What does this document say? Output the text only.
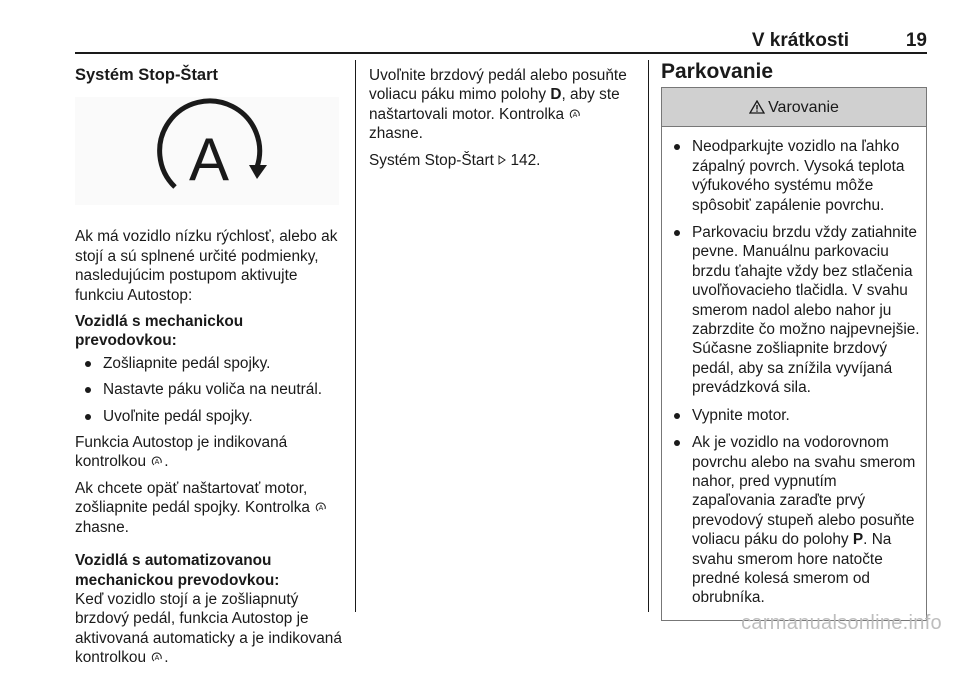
V krátkosti	19
Systém Stop-Štart
A

Ak má vozidlo nízku rýchlosť, alebo ak stojí a sú splnené určité podmienky, nasledujúcim postupom aktivujte funkciu Autostop:

Vozidlá s mechanickou prevodovkou:

Zošliapnite pedál spojky.
Nastavte páku voliča na neutrál.
Uvoľnite pedál spojky.

Funkcia Autostop je indikovaná kontrolkou A .

Ak chcete opäť naštartovať motor, zošliapnite pedál spojky. Kontrolka A
zhasne.

Vozidlá s automatizovanou mechanickou prevodovkou:

Keď vozidlo stojí a je zošliapnutý brzdový pedál, funkcia Autostop je aktivovaná automaticky a je indikovaná kontrolkou A .

Uvoľnite brzdový pedál alebo posuňte voliacu páku mimo polohy D, aby ste naštartovali motor. Kontrolka A
zhasne.

Systém Stop-Štart 142.

Parkovanie
Varovanie
Neodparkujte vozidlo na ľahko zápalný povrch. Vysoká teplota výfukového systému môže spôsobiť zapálenie povrchu.
Parkovaciu brzdu vždy zatiahnite pevne. Manuálnu parkovaciu brzdu ťahajte vždy bez stlačenia uvoľňovacieho tlačidla. V svahu smerom nadol alebo nahor ju zabrzdite čo možno najpevnejšie. Súčasne zošliapnite brzdový pedál, aby sa znížila vyvíjaná prevádzková sila.
Vypnite motor.
Ak je vozidlo na vodorovnom povrchu alebo na svahu smerom nahor, pred vypnutím zapaľovania zaraďte prvý prevodový stupeň alebo posuňte voliacu páku do polohy P. Na svahu smerom hore natočte predné kolesá smerom od obrubníka.
carmanualsonline.info
